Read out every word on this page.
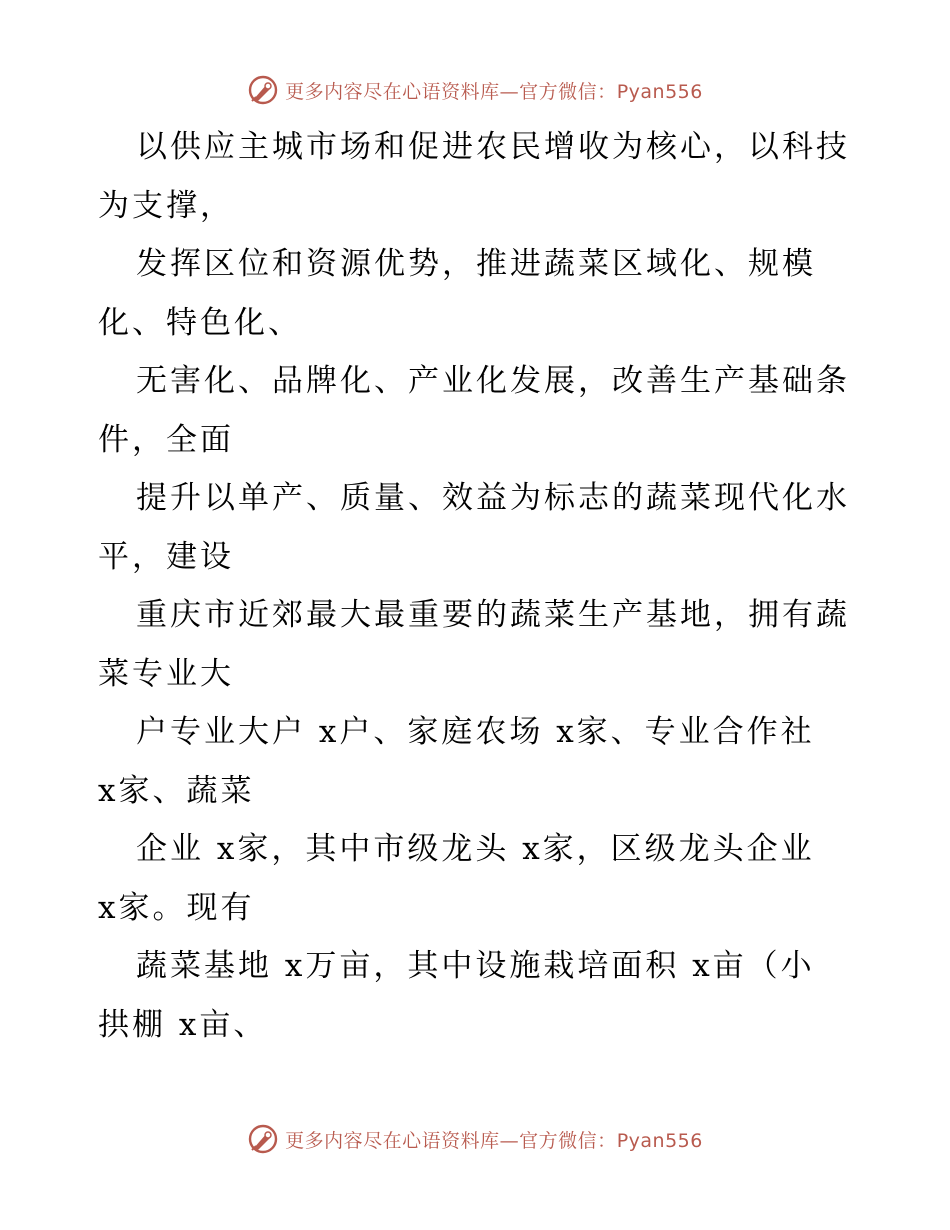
更多内容尽在心语资料库—官方微信：Pyan556
以供应主城市场和促进农民增收为核心，以科技
为支撑，
发挥区位和资源优势，推进蔬菜区域化、规模
化、特色化、
无害化、品牌化、产业化发展，改善生产基础条
件，全面
提升以单产、质量、效益为标志的蔬菜现代化水
平，建设
重庆市近郊最大最重要的蔬菜生产基地，拥有蔬
菜专业大
户专业大户 x户、家庭农场 x家、专业合作社
x家、蔬菜
企业 x家，其中市级龙头 x家，区级龙头企业
x家。现有
蔬菜基地 x万亩，其中设施栽培面积 x亩（小
拱棚 x亩、
更多内容尽在心语资料库—官方微信：Pyan556
